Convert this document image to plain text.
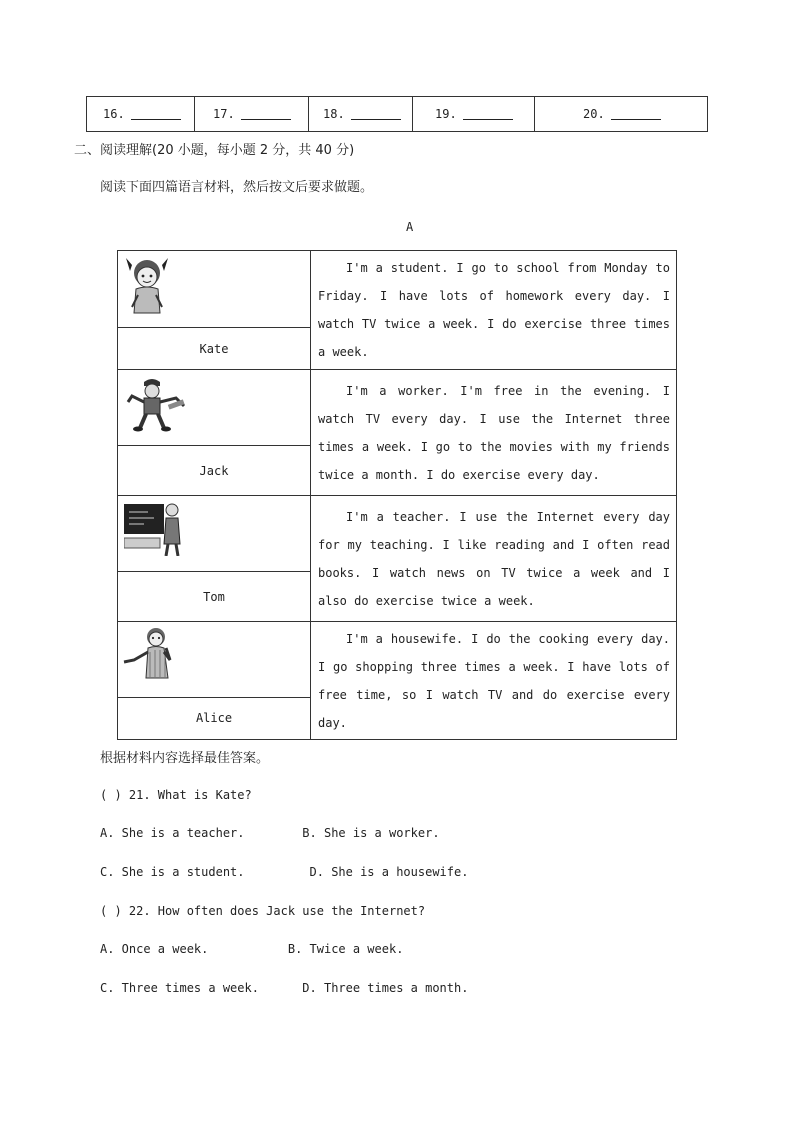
16.	17.	18.	19.	20.
二、阅读理解(20 小题，每小题 2 分，共 40 分)
阅读下面四篇语言材料，然后按文后要求做题。
A
Kate

I'm a student. I go to school from Monday to Friday. I have lots of homework every day. I watch TV twice a week. I do exercise three times a week.

Jack

I'm a worker. I'm free in the evening. I watch TV every day. I use the Internet three times a week. I go to the movies with my friends twice a month. I do exercise every day.

Tom

I'm a teacher. I use the Internet every day for my teaching. I like reading and I often read books. I watch news on TV twice a week and I also do exercise twice a week.

Alice

I'm a housewife. I do the cooking every day. I go shopping three times a week. I have lots of free time, so I watch TV and do exercise every day.

根据材料内容选择最佳答案。
( ) 21. What is Kate?
A. She is a teacher.        B. She is a worker.
C. She is a student.         D. She is a housewife.
( ) 22. How often does Jack use the Internet?
A. Once a week.           B. Twice a week.
C. Three times a week.      D. Three times a month.
